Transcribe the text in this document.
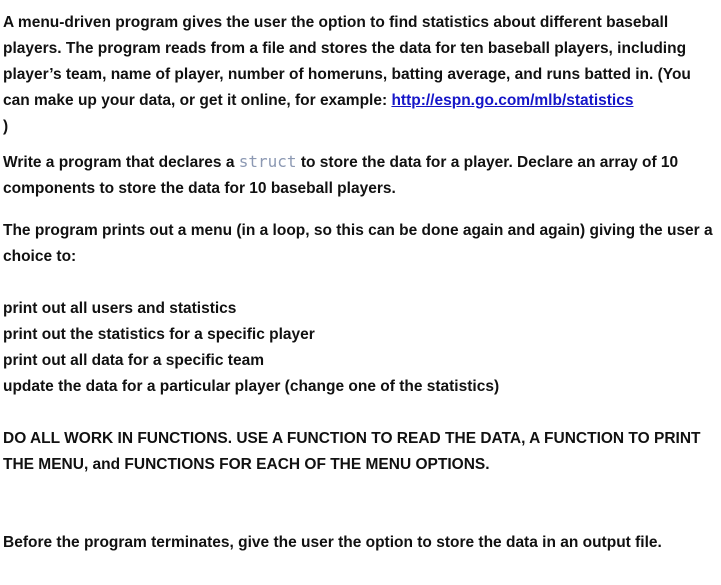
A menu-driven program gives the user the option to find statistics about different baseball players. The program reads from a file and stores the data for ten baseball players, including player’s team, name of player, number of homeruns, batting average, and runs batted in. (You can make up your data, or get it online, for example: http://espn.go.com/mlb/statistics
)

Write a program that declares a struct to store the data for a player. Declare an array of 10 components to store the data for 10 baseball players.

The program prints out a menu (in a loop, so this can be done again and again) giving the user a choice to:

print out all users and statistics

print out the statistics for a specific player

print out all data for a specific team

update the data for a particular player (change one of the statistics)

DO ALL WORK IN FUNCTIONS. USE A FUNCTION TO READ THE DATA, A FUNCTION TO PRINT THE MENU, and FUNCTIONS FOR EACH OF THE MENU OPTIONS.

Before the program terminates, give the user the option to store the data in an output file.
